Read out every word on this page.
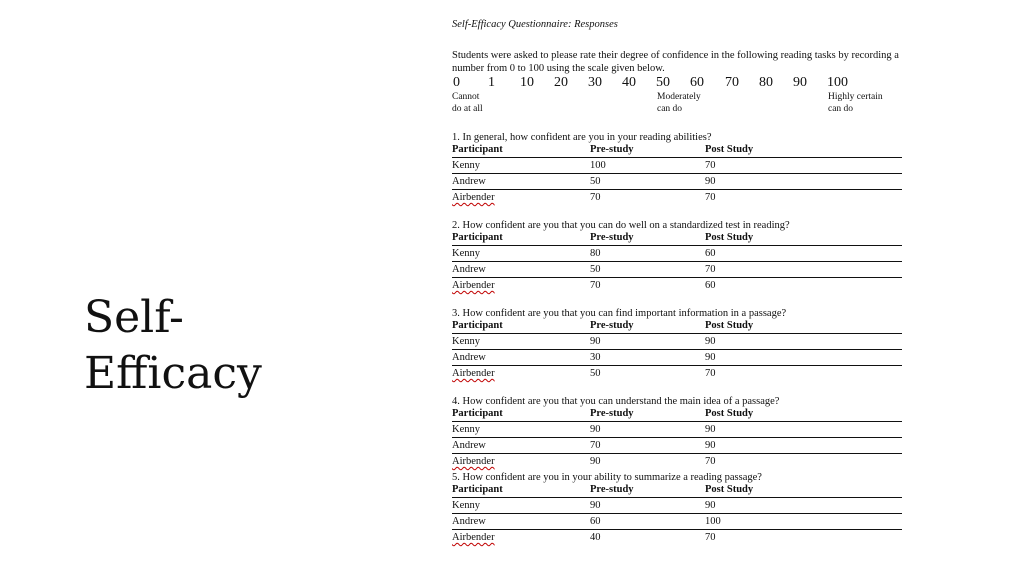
Self-
Efficacy

Self-Efficacy Questionnaire: Responses

Students were asked to please rate their degree of confidence in the following reading tasks by recording a number from 0 to 100 using the scale given below.

0 1 10 20 30 40 50 60 70 80 90 100
Cannot
do at all
Moderately
can do
Highly certain
can do

1. In general, how confident are you in your reading abilities?

Participant	Pre-study	Post Study
Kenny	100	70
Andrew	50	90
Airbender	70	70

2. How confident are you that you can do well on a standardized test in reading?

Participant	Pre-study	Post Study
Kenny	80	60
Andrew	50	70
Airbender	70	60

3. How confident are you that you can find important information in a passage?

Participant	Pre-study	Post Study
Kenny	90	90
Andrew	30	90
Airbender	50	70

4. How confident are you that you can understand the main idea of a passage?

Participant	Pre-study	Post Study
Kenny	90	90
Andrew	70	90
Airbender	90	70

5. How confident are you in your ability to summarize a reading passage?

Participant	Pre-study	Post Study
Kenny	90	90
Andrew	60	100
Airbender	40	70
